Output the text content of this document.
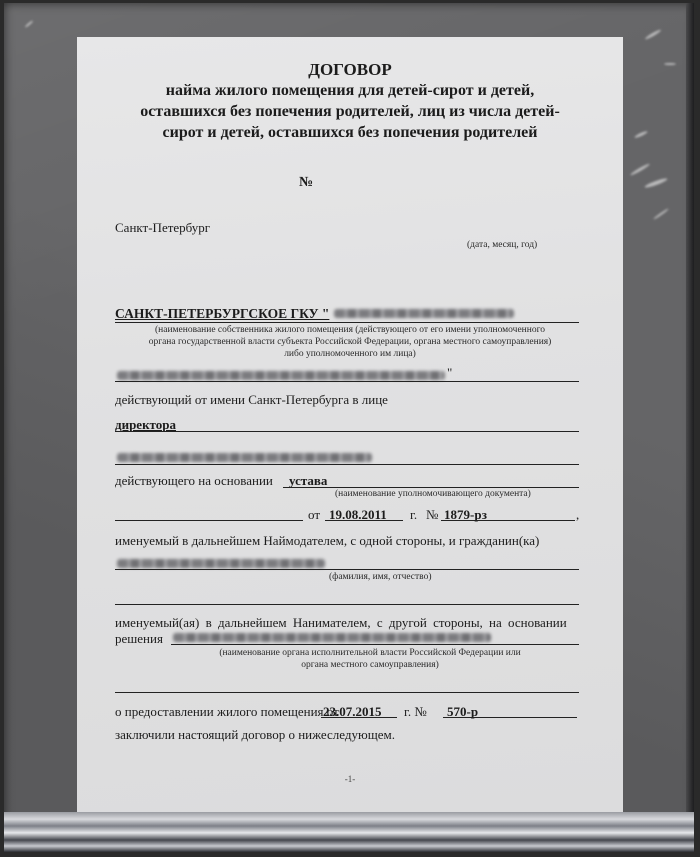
ДОГОВОР
найма жилого помещения для детей-сирот и детей,
оставшихся без попечения родителей, лиц из числа детей-
сирот и детей, оставшихся без попечения родителей
№
Санкт-Петербург
(дата, месяц, год)
САНКТ-ПЕТЕРБУРГСКОЕ ГКУ "
(наименование собственника жилого помещения (действующего от его имени уполномоченного
органа государственной власти субъекта Российской Федерации, органа местного самоуправления)
либо уполномоченного им лица)
"
действующий от имени Санкт-Петербурга в лице
директора
действующего на основании устава
(наименование уполномочивающего документа)
от 19.08.2011 г. № 1879-рз	,
именуемый в дальнейшем Наймодателем, с одной стороны, и гражданин(ка)
(фамилия, имя, отчество)
именуемый(ая) в дальнейшем Нанимателем, с другой стороны, на основании
решения
(наименование органа исполнительной власти Российской Федерации или
органа местного самоуправления)
о предоставлении жилого помещения от
23.07.2015 г. № 570-р
заключили настоящий договор о нижеследующем.
-1-
